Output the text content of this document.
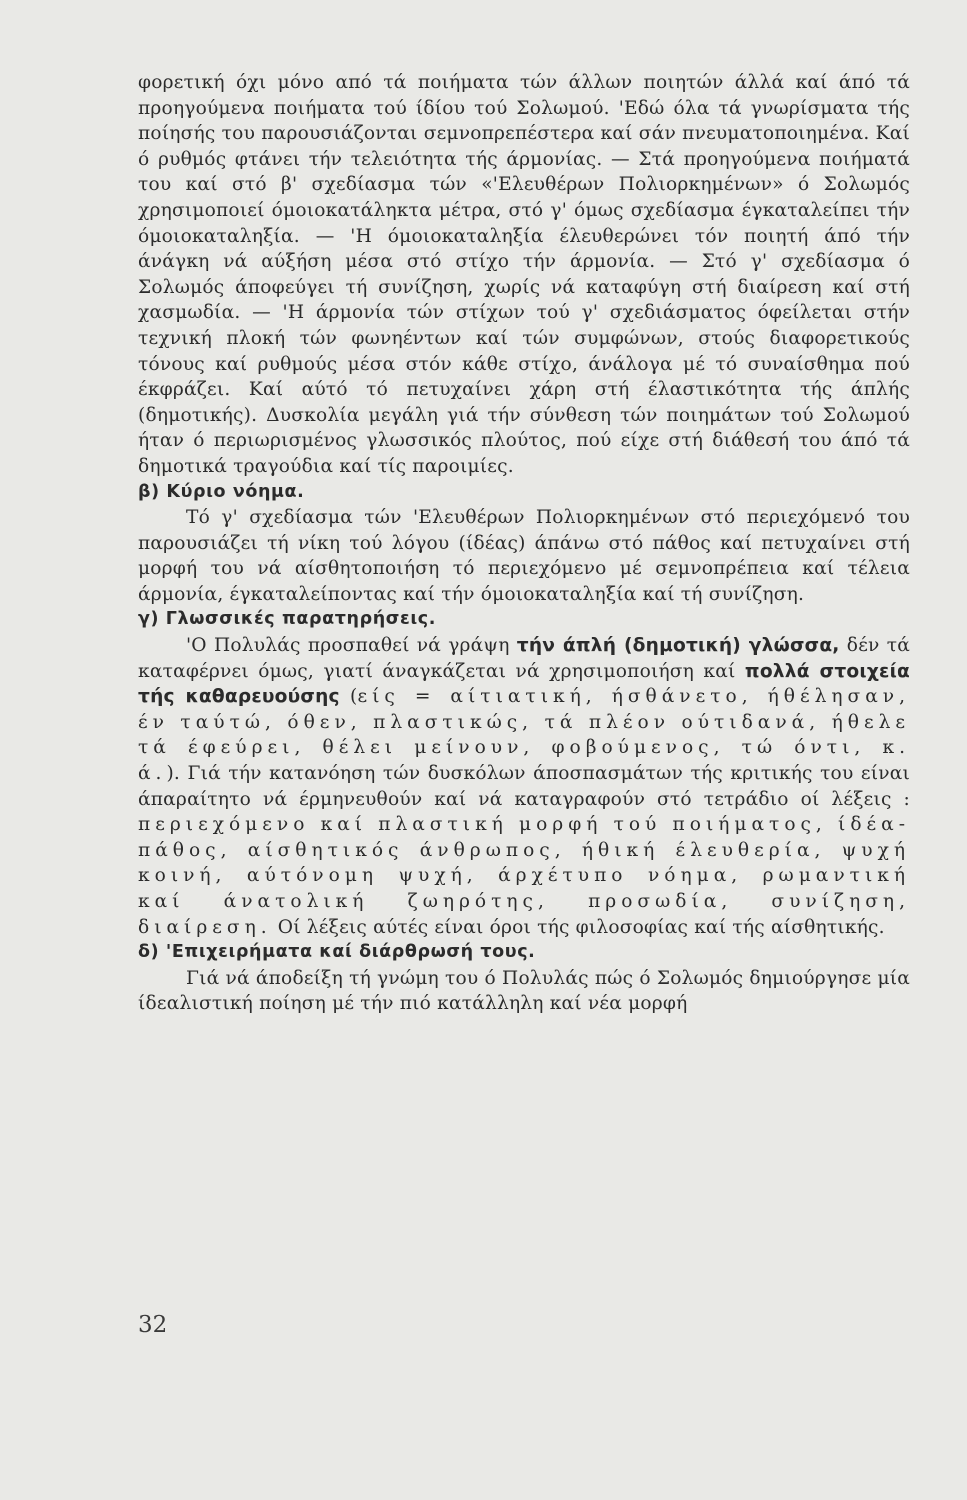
φορετική όχι μόνο από τά ποιήματα τών άλλων ποιητών άλλά καί άπό τά προηγούμενα ποιήματα τού ίδίου τού Σολωμού. 'Εδώ όλα τά γνωρίσματα τής ποίησής του παρουσιάζονται σεμνοπρεπέστερα καί σάν πνευματοποιημένα. Καί ό ρυθμός φτάνει τήν τελειότητα τής άρμονίας. — Στά προηγούμενα ποιήματά του καί στό β' σχεδίασμα τών «'Ελευθέρων Πολιορκημένων» ό Σολωμός χρησιμοποιεί όμοιοκατάληκτα μέτρα, στό γ' όμως σχεδίασμα έγκαταλείπει τήν όμοιοκαταληξία. — 'Η όμοιοκαταληξία έλευθερώνει τόν ποιητή άπό τήν άνάγκη νά αύξήση μέσα στό στίχο τήν άρμονία. — Στό γ' σχεδίασμα ό Σολωμός άποφεύγει τή συνίζηση, χωρίς νά καταφύγη στή διαίρεση καί στή χασμωδία. — 'Η άρμονία τών στίχων τού γ' σχεδιάσματος όφείλεται στήν τεχνική πλοκή τών φωνηέντων καί τών συμφώνων, στούς διαφορετικούς τόνους καί ρυθμούς μέσα στόν κάθε στίχο, άνάλογα μέ τό συναίσθημα πού έκφράζει. Καί αύτό τό πετυχαίνει χάρη στή έλαστικότητα τής άπλής (δημοτικής). Δυσκολία μεγάλη γιά τήν σύνθεση τών ποιημάτων τού Σολωμού ήταν ό περιωρισμένος γλωσσικός πλούτος, πού είχε στή διάθεσή του άπό τά δημοτικά τραγούδια καί τίς παροιμίες.

β) Κύριο νόημα.

Τό γ' σχεδίασμα τών 'Ελευθέρων Πολιορκημένων στό περιεχόμενό του παρουσιάζει τή νίκη τού λόγου (ίδέας) άπάνω στό πάθος καί πετυχαίνει στή μορφή του νά αίσθητοποιήση τό περιεχόμενο μέ σεμνοπρέπεια καί τέλεια άρμονία, έγκαταλείποντας καί τήν όμοιοκαταληξία καί τή συνίζηση.

γ) Γλωσσικές παρατηρήσεις.

'Ο Πολυλάς προσπαθεί νά γράψη τήν άπλή (δημοτική) γλώσσα, δέν τά καταφέρνει όμως, γιατί άναγκάζεται νά χρησιμοποιήση καί πολλά στοιχεία τής καθαρευούσης (είς = αίτιατική, ήσθάνετο, ήθέλησαν, έν ταύτώ, όθεν, πλαστικώς, τά πλέον ούτιδανά, ήθελε τά έφεύρει, θέλει μείνουν, φοβούμενος, τώ όντι, κ. ά.). Γιά τήν κατανόηση τών δυσκόλων άποσπασμάτων τής κριτικής του είναι άπαραίτητο νά έρμηνευθούν καί νά καταγραφούν στό τετράδιο οί λέξεις : περιεχόμενο καί πλαστική μορφή τού ποιήματος, ίδέα-πάθος, αίσθητικός άνθρωπος, ήθική έλευθερία, ψυχή κοινή, αύτόνομη ψυχή, άρχέτυπο νόημα, ρωμαντική καί άνατολική ζωηρότης, προσωδία, συνίζηση, διαίρεση. Οί λέξεις αύτές είναι όροι τής φιλοσοφίας καί τής αίσθητικής.

δ) 'Επιχειρήματα καί διάρθρωσή τους.

Γιά νά άποδείξη τή γνώμη του ό Πολυλάς πώς ό Σολωμός δημιούργησε μία ίδεαλιστική ποίηση μέ τήν πιό κατάλληλη καί νέα μορφή

32
